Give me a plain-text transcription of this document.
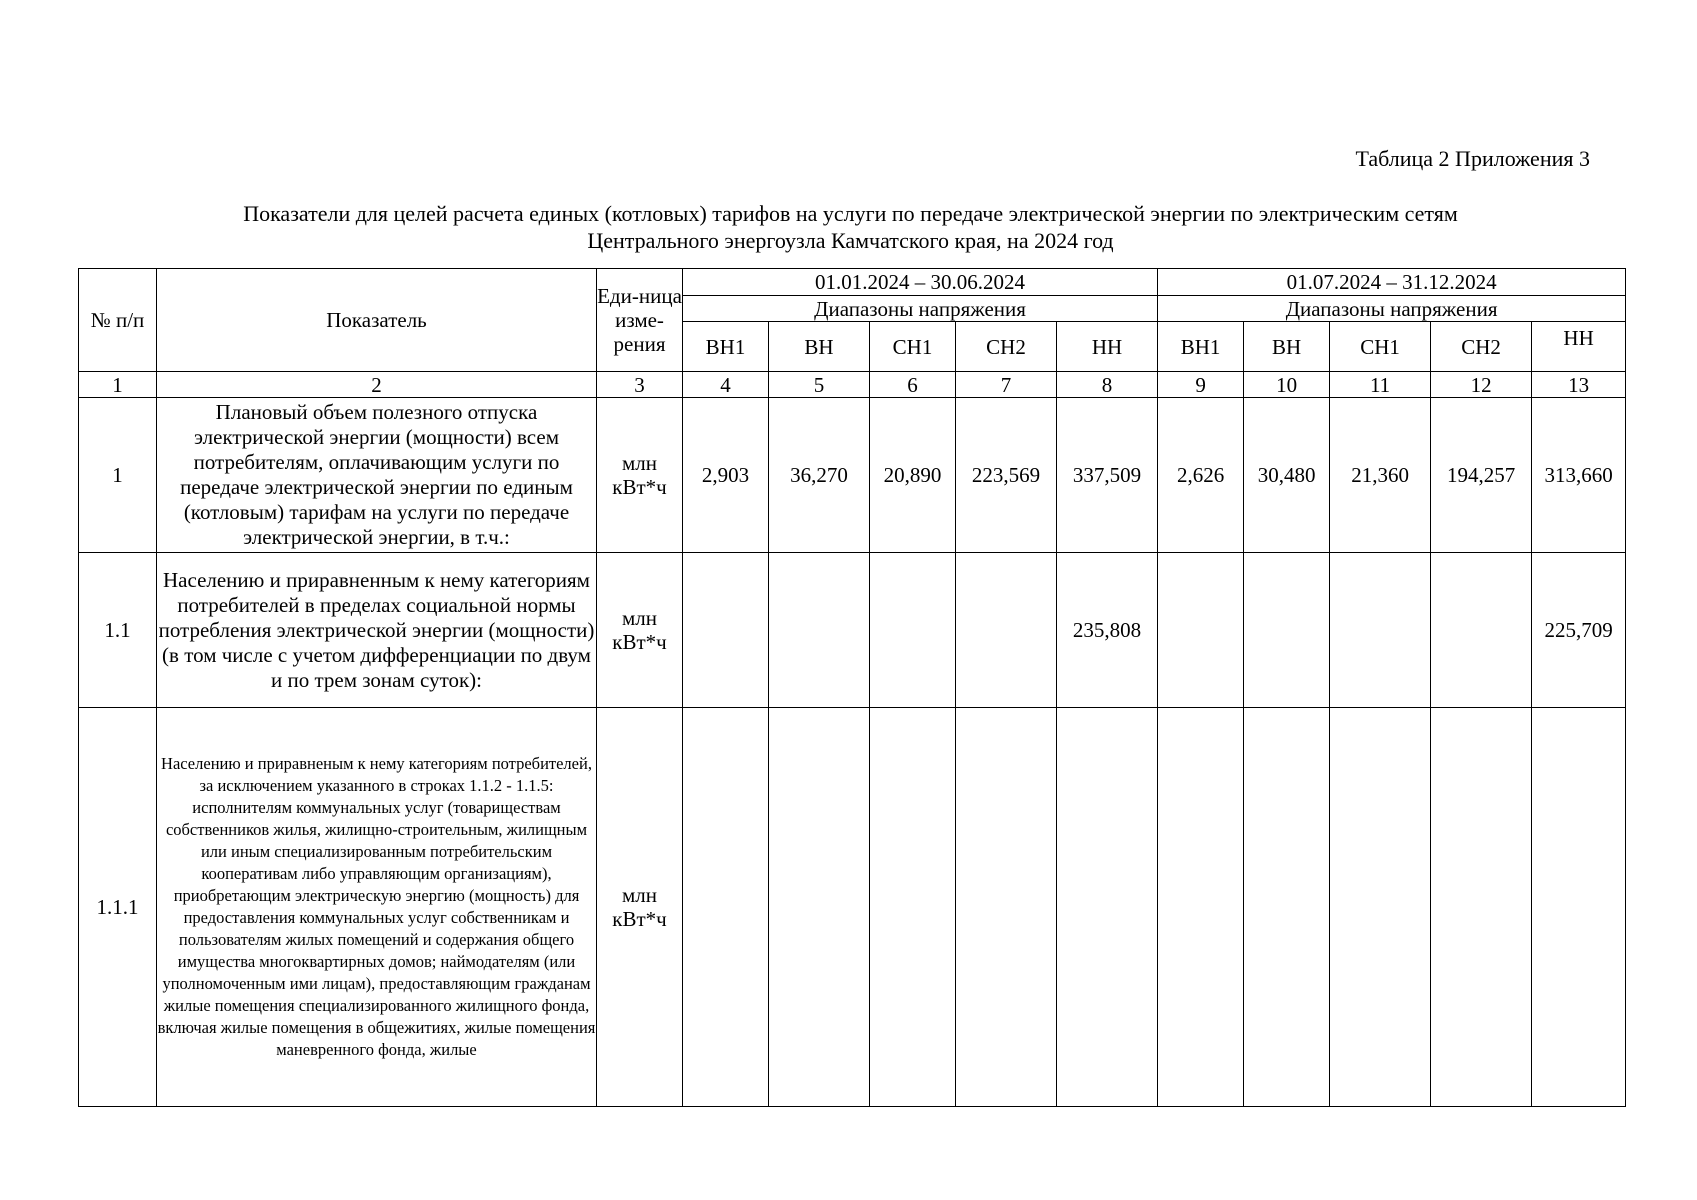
Таблица 2 Приложения 3
Показатели для целей расчета единых (котловых) тарифов на услуги по передаче электрической энергии по электрическим сетям
Центрального энергоузла Камчатского края, на 2024 год
№ п/п	Показатель	Еди-ница изме-рения	01.01.2024 – 30.06.2024					01.07.2024 – 31.12.2024				
			Диапазоны напряжения					Диапазоны напряжения				
			ВН1	ВН	СН1	СН2	НН	ВН1	ВН	СН1	СН2	НН
1	2	3	4	5	6	7	8	9	10	11	12	13
1	Плановый объем полезного отпуска электрической энергии (мощности) всем потребителям, оплачивающим услуги по передаче электрической энергии по единым (котловым) тарифам на услуги по передаче электрической энергии, в т.ч.:	млн кВт*ч	2,903	36,270	20,890	223,569	337,509	2,626	30,480	21,360	194,257	313,660
1.1	Населению и приравненным к нему категориям потребителей в пределах социальной нормы потребления электрической энергии (мощности) (в том числе с учетом дифференциации по двум и по трем зонам суток):	млн кВт*ч					235,808					225,709
1.1.1	Населению и приравненым к нему категориям потребителей, за исключением указанного в строках 1.1.2 - 1.1.5: исполнителям коммунальных услуг (товариществам собственников жилья, жилищно-строительным, жилищным или иным специализированным потребительским кооперативам либо управляющим организациям), приобретающим электрическую энергию (мощность) для предоставления коммунальных услуг собственникам и пользователям жилых помещений и содержания общего имущества многоквартирных домов; наймодателям (или уполномоченным ими лицам), предоставляющим гражданам жилые помещения специализированного жилищного фонда, включая жилые помещения в общежитиях, жилые помещения маневренного фонда, жилые	млн кВт*ч										
